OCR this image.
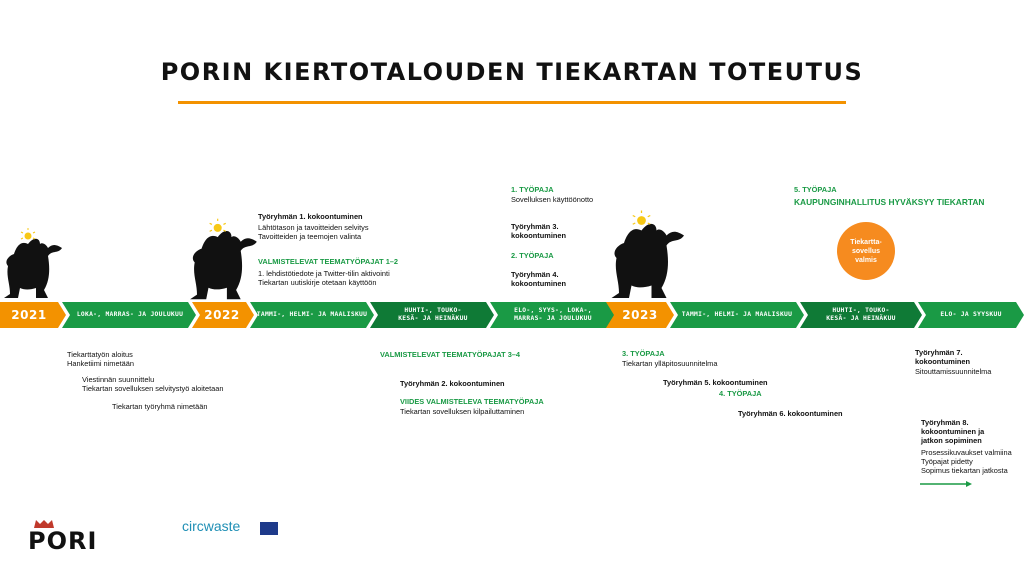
PORIN KIERTOTALOUDEN TIEKARTAN TOTEUTUS
2021	LOKA-, MARRAS- JA JOULUKUU	2022	TAMMI-, HELMI- JA MAALISKUU
HUHTI-, TOUKO-
KESÄ- JA HEINÄKUU
ELO-, SYYS-, LOKA-,
MARRAS- JA JOULUKUU	2023	TAMMI-, HELMI- JA MAALISKUU
HUHTI-, TOUKO-
KESÄ- JA HEINÄKUU
ELO- JA SYYSKUU
Työryhmän 1. kokoontuminen
Lähtötason ja tavoitteiden selvitys
Tavoitteiden ja teemojen valinta
VALMISTELEVAT TEEMATYÖPAJAT 1–2
1. lehdistötiedote ja Twitter-tilin aktivointi
Tiekartan uutiskirje otetaan käyttöön
1. TYÖPAJA
Sovelluksen käyttöönotto
Työryhmän 3.
kokoontuminen
2. TYÖPAJA
Työryhmän 4.
kokoontuminen
5. TYÖPAJA
KAUPUNGINHALLITUS HYVÄKSYY TIEKARTAN
Tiekartta-
sovellus
valmis
Tiekarttatyön aloitus
Hanketiimi nimetään
Viestinnän suunnittelu
Tiekartan sovelluksen selvitystyö aloitetaan
Tiekartan työryhmä nimetään
VALMISTELEVAT TEEMATYÖPAJAT 3–4
Työryhmän 2. kokoontuminen
VIIDES VALMISTELEVA TEEMATYÖPAJA
Tiekartan sovelluksen kilpailuttaminen
3. TYÖPAJA
Tiekartan ylläpitosuunnitelma
Työryhmän 5. kokoontuminen
4. TYÖPAJA
Työryhmän 6. kokoontuminen
Työryhmän 7.
kokoontuminen
Sitouttamissuunnitelma
Työryhmän 8.
kokoontuminen ja
jatkon sopiminen
Prosessikuvaukset valmiina
Työpajat pidetty
Sopimus tiekartan jatkosta
PORI
circwaste
